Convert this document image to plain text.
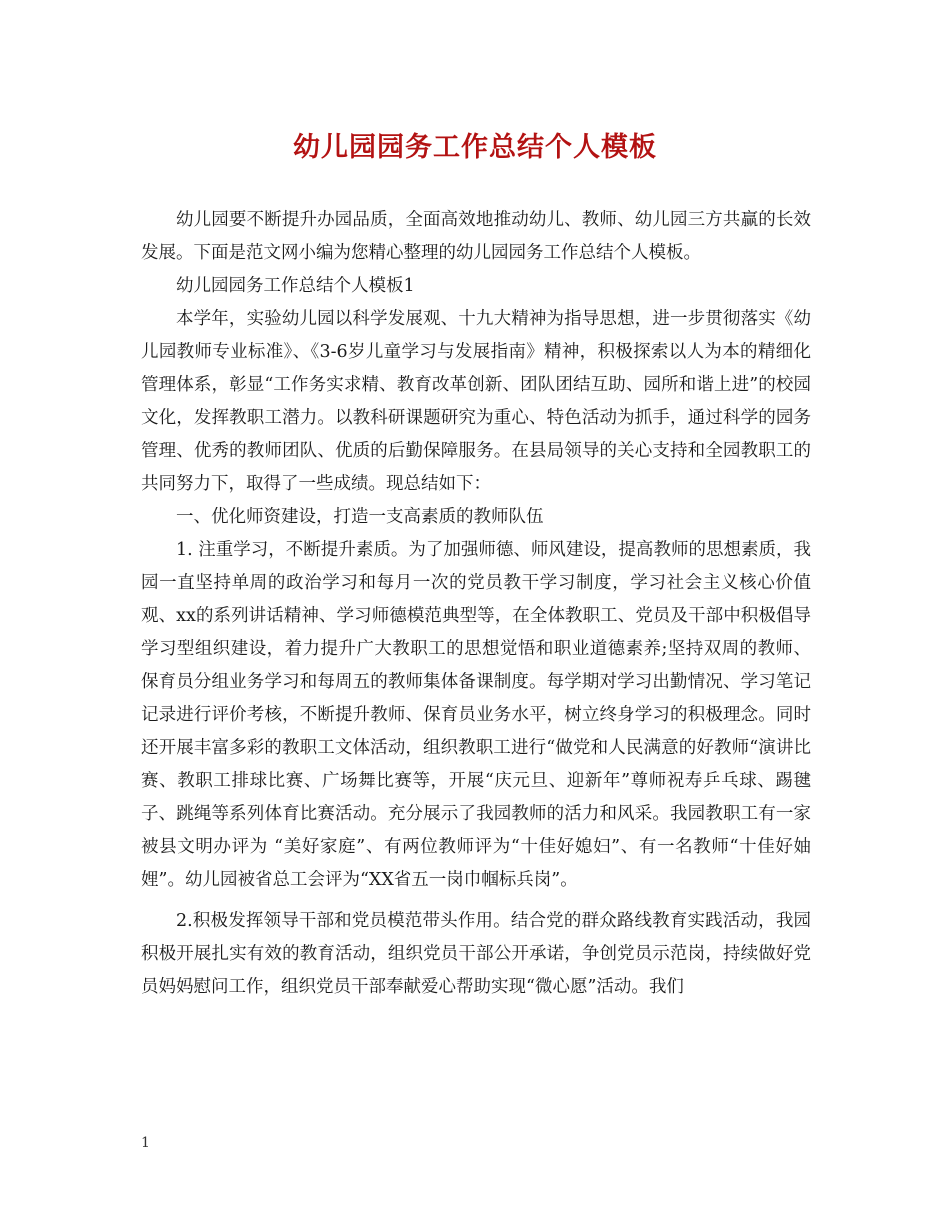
幼儿园园务工作总结个人模板

幼儿园要不断提升办园品质，全面高效地推动幼儿、教师、幼儿园三方共赢的长效发展。下面是范文网小编为您精心整理的幼儿园园务工作总结个人模板。

幼儿园园务工作总结个人模板1

本学年，实验幼儿园以科学发展观、十九大精神为指导思想，进一步贯彻落实《幼儿园教师专业标准》、《3-6岁儿童学习与发展指南》精神，积极探索以人为本的精细化管理体系，彰显“工作务实求精、教育改革创新、团队团结互助、园所和谐上进”的校园文化，发挥教职工潜力。以教科研课题研究为重心、特色活动为抓手，通过科学的园务管理、优秀的教师团队、优质的后勤保障服务。在县局领导的关心支持和全园教职工的共同努力下，取得了一些成绩。现总结如下：

一、优化师资建设，打造一支高素质的教师队伍

1. 注重学习，不断提升素质。为了加强师德、师风建设，提高教师的思想素质，我园一直坚持单周的政治学习和每月一次的党员教干学习制度，学习社会主义核心价值观、xx的系列讲话精神、学习师德模范典型等，在全体教职工、党员及干部中积极倡导学习型组织建设，着力提升广大教职工的思想觉悟和职业道德素养;坚持双周的教师、保育员分组业务学习和每周五的教师集体备课制度。每学期对学习出勤情况、学习笔记记录进行评价考核，不断提升教师、保育员业务水平，树立终身学习的积极理念。同时还开展丰富多彩的教职工文体活动，组织教职工进行“做党和人民满意的好教师“演讲比赛、教职工排球比赛、广场舞比赛等，开展“庆元旦、迎新年”尊师祝寿乒乓球、踢毽子、跳绳等系列体育比赛活动。充分展示了我园教师的活力和风采。我园教职工有一家被县文明办评为 “美好家庭”、有两位教师评为“十佳好媳妇”、有一名教师“十佳好妯娌”。幼儿园被省总工会评为“XX省五一岗巾帼标兵岗”。

2.积极发挥领导干部和党员模范带头作用。结合党的群众路线教育实践活动，我园积极开展扎实有效的教育活动，组织党员干部公开承诺，争创党员示范岗，持续做好党员妈妈慰问工作，组织党员干部奉献爱心帮助实现“微心愿”活动。我们

1
